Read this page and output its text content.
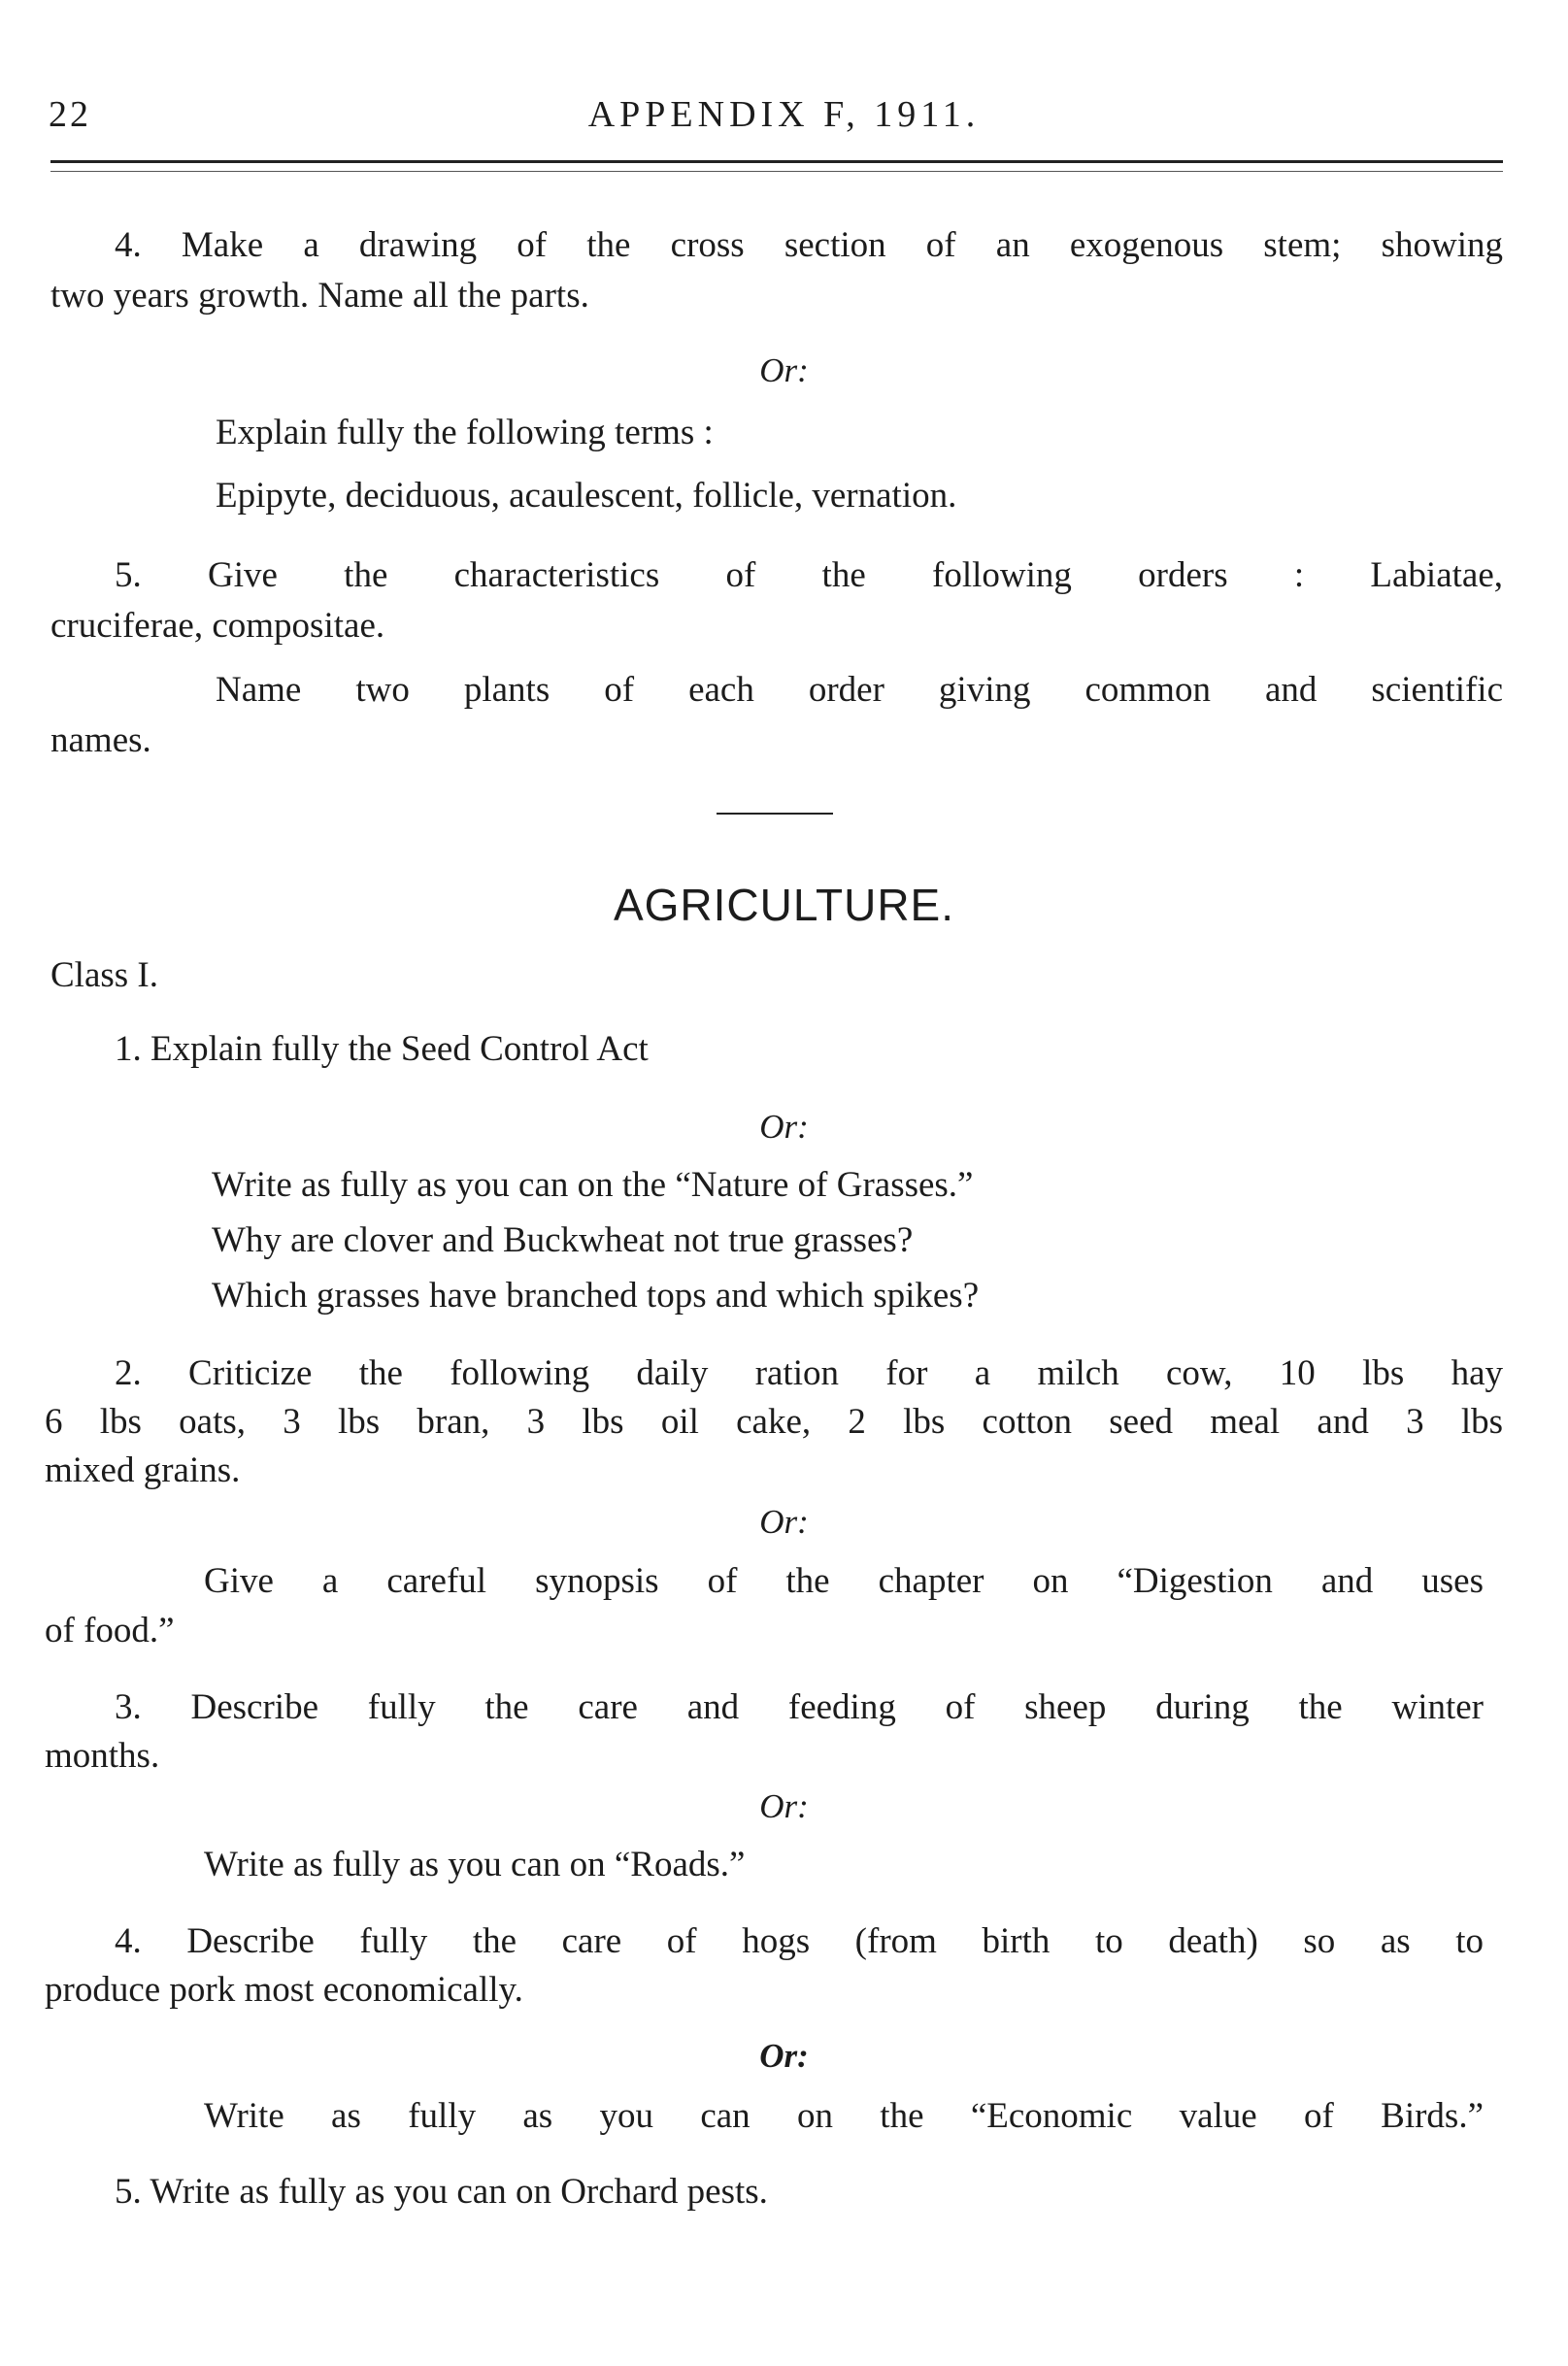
22	APPENDIX F, 1911.
4. Make a drawing of the cross section of an exogenous stem; showing
two years growth. Name all the parts.
Or:
Explain fully the following terms :
Epipyte, deciduous, acaulescent, follicle, vernation.
5. Give the characteristics of the following orders : Labiatae,
cruciferae, compositae.
Name two plants of each order giving common and scientific
names.
AGRICULTURE.
Class I.
1. Explain fully the Seed Control Act
Or:
Write as fully as you can on the “Nature of Grasses.”
Why are clover and Buckwheat not true grasses?
Which grasses have branched tops and which spikes?
2. Criticize the following daily ration for a milch cow, 10 lbs hay
6 lbs oats, 3 lbs bran, 3 lbs oil cake, 2 lbs cotton seed meal and 3 lbs
mixed grains.
Or:
Give a careful synopsis of the chapter on “Digestion and uses
of food.”
3. Describe fully the care and feeding of sheep during the winter
months.
Or:
Write as fully as you can on “Roads.”
4. Describe fully the care of hogs (from birth to death) so as to
produce pork most economically.
Or:
Write as fully as you can on the “Economic value of Birds.”
5. Write as fully as you can on Orchard pests.
